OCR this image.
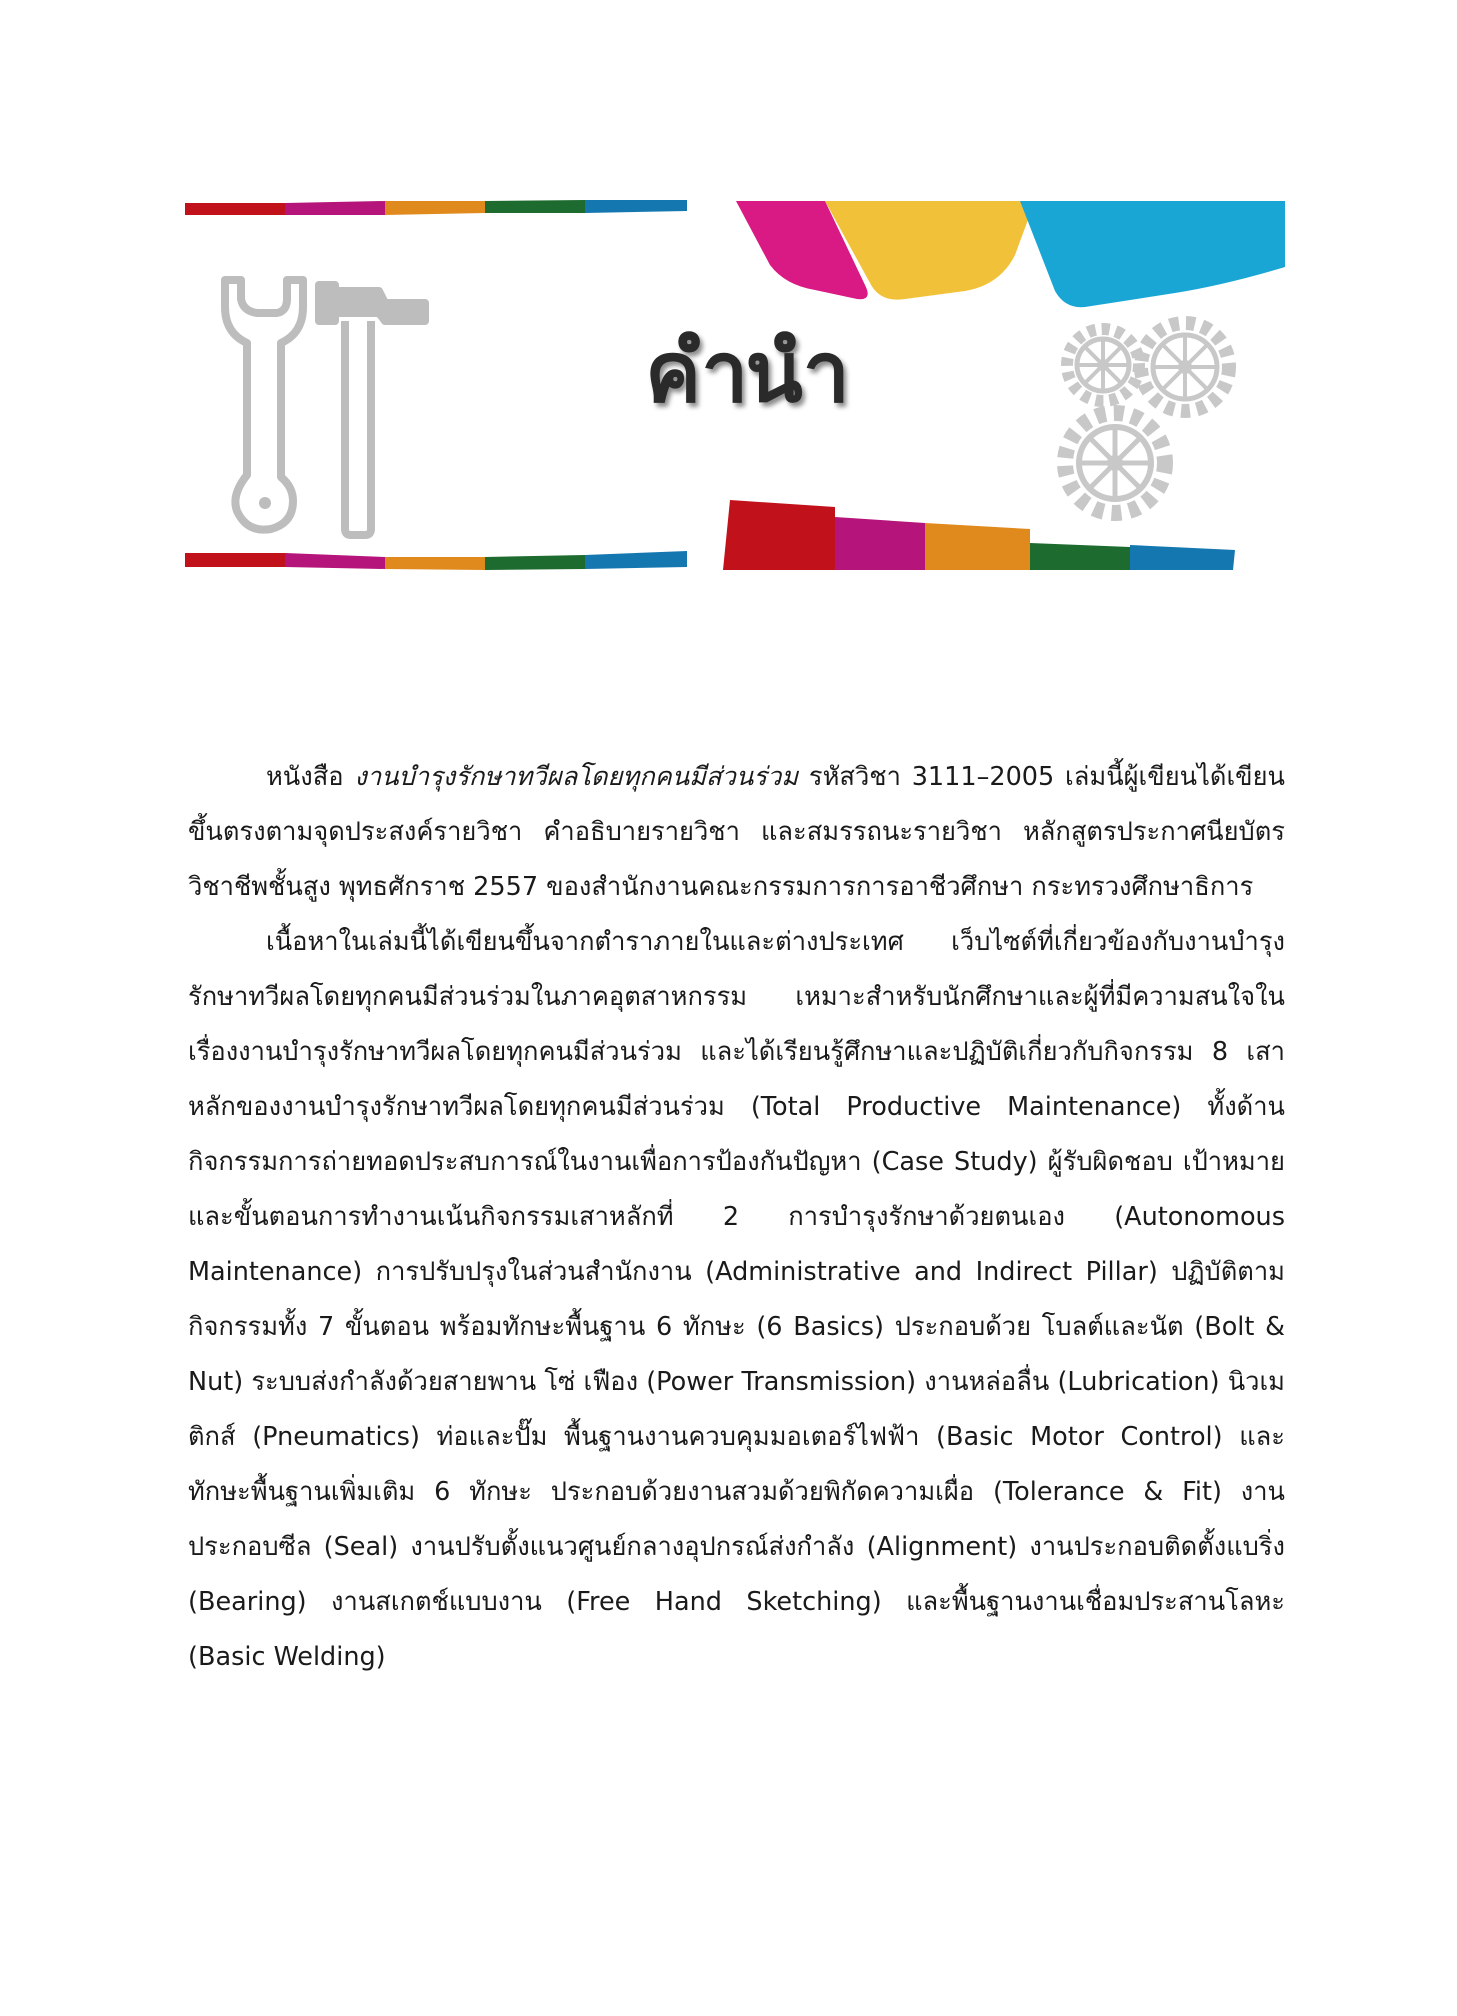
คำนำ

หนังสือ งานบำรุงรักษาทวีผลโดยทุกคนมีส่วนร่วม รหัสวิชา 3111–2005 เล่มนี้ผู้เขียนได้เขียนขึ้นตรงตามจุดประสงค์รายวิชา คำอธิบายรายวิชา และสมรรถนะรายวิชา หลักสูตรประกาศนียบัตรวิชาชีพชั้นสูง พุทธศักราช 2557 ของสำนักงานคณะกรรมการการอาชีวศึกษา กระทรวงศึกษาธิการ

เนื้อหาในเล่มนี้ได้เขียนขึ้นจากตำราภายในและต่างประเทศ เว็บไซต์ที่เกี่ยวข้องกับงานบำรุงรักษาทวีผลโดยทุกคนมีส่วนร่วมในภาคอุตสาหกรรม เหมาะสำหรับนักศึกษาและผู้ที่มีความสนใจในเรื่องงานบำรุงรักษาทวีผลโดยทุกคนมีส่วนร่วม และได้เรียนรู้ศึกษาและปฏิบัติเกี่ยวกับกิจกรรม 8 เสาหลักของงานบำรุงรักษาทวีผลโดยทุกคนมีส่วนร่วม (Total Productive Maintenance) ทั้งด้านกิจกรรมการถ่ายทอดประสบการณ์ในงานเพื่อการป้องกันปัญหา (Case Study) ผู้รับผิดชอบ เป้าหมายและขั้นตอนการทำงานเน้นกิจกรรมเสาหลักที่ 2 การบำรุงรักษาด้วยตนเอง (Autonomous Maintenance) การปรับปรุงในส่วนสำนักงาน (Administrative and Indirect Pillar) ปฏิบัติตามกิจกรรมทั้ง 7 ขั้นตอน พร้อมทักษะพื้นฐาน 6 ทักษะ (6 Basics) ประกอบด้วย โบลต์และนัต (Bolt & Nut) ระบบส่งกำลังด้วยสายพาน โซ่ เฟือง (Power Transmission) งานหล่อลื่น (Lubrication) นิวเมติกส์ (Pneumatics) ท่อและปั๊ม พื้นฐานงานควบคุมมอเตอร์ไฟฟ้า (Basic Motor Control) และทักษะพื้นฐานเพิ่มเติม 6 ทักษะ ประกอบด้วยงานสวมด้วยพิกัดความเผื่อ (Tolerance & Fit) งานประกอบซีล (Seal) งานปรับตั้งแนวศูนย์กลางอุปกรณ์ส่งกำลัง (Alignment) งานประกอบติดตั้งแบริ่ง (Bearing) งานสเกตช์แบบงาน (Free Hand Sketching) และพื้นฐานงานเชื่อมประสานโลหะ (Basic Welding)
